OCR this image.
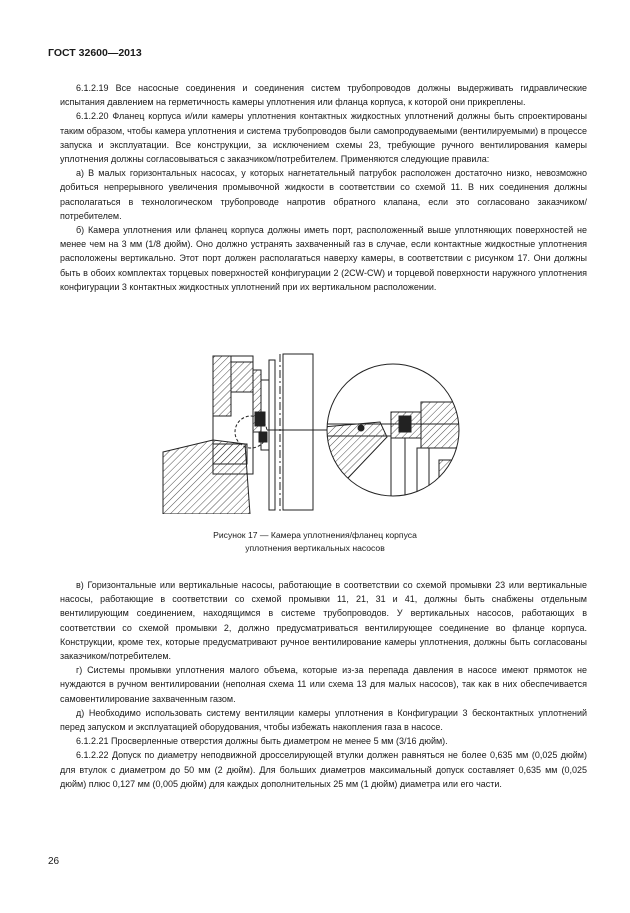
ГОСТ 32600—2013

6.1.2.19 Все насосные соединения и соединения систем трубопроводов должны выдерживать гидравлические испытания давлением на герметичность камеры уплотнения или фланца корпуса, к которой они прикреплены.

6.1.2.20 Фланец корпуса и/или камеры уплотнения контактных жидкостных уплотнений должны быть спроектированы таким образом, чтобы камера уплотнения и система трубопроводов были самопродуваемыми (вентилируемыми) в процессе запуска и эксплуатации. Все конструкции, за исключением схемы 23, требующие ручного вентилирования камеры уплотнения должны согласовываться с заказчиком/потребителем. Применяются следующие правила:

а) В малых горизонтальных насосах, у которых нагнетательный патрубок расположен достаточно низко, невозможно добиться непрерывного увеличения промывочной жидкости в соответствии со схемой 11. В них соединения должны располагаться в технологическом трубопроводе напротив обратного клапана, если это согласовано заказчиком/потребителем.

б) Камера уплотнения или фланец корпуса должны иметь порт, расположенный выше уплотняющих поверхностей не менее чем на 3 мм (1/8 дюйм). Оно должно устранять захваченный газ в случае, если контактные жидкостные уплотнения расположены вертикально. Этот порт должен располагаться наверху камеры, в соответствии с рисунком 17. Они должны быть в обоих комплектах торцевых поверхностей конфигурации 2 (2CW-CW) и торцевой поверхности наружного уплотнения конфигурации 3 контактных жидкостных уплотнений при их вертикальном расположении.

Рисунок 17 — Камера уплотнения/фланец корпуса
уплотнения вертикальных насосов

в) Горизонтальные или вертикальные насосы, работающие в соответствии со схемой промывки 23 или вертикальные насосы, работающие в соответствии со схемой промывки 11, 21, 31 и 41, должны быть снабжены отдельным вентилирующим соединением, находящимся в системе трубопроводов. У вертикальных насосов, работающих в соответствии со схемой промывки 2, должно предусматриваться вентилирующее соединение во фланце корпуса. Конструкции, кроме тех, которые предусматривают ручное вентилирование камеры уплотнения, должны быть согласованы заказчиком/потребителем.

г) Системы промывки уплотнения малого объема, которые из-за перепада давления в насосе имеют прямоток не нуждаются в ручном вентилировании (неполная схема 11 или схема 13 для малых насосов), так как в них обеспечивается самовентилирование захваченным газом.

д) Необходимо использовать систему вентиляции камеры уплотнения в Конфигурации 3 бесконтактных уплотнений перед запуском и эксплуатацией оборудования, чтобы избежать накопления газа в насосе.

6.1.2.21 Просверленные отверстия должны быть диаметром не менее 5 мм (3/16 дюйм).

6.1.2.22 Допуск по диаметру неподвижной дросселирующей втулки должен равняться не более 0,635 мм (0,025 дюйм) для втулок с диаметром до 50 мм (2 дюйм). Для больших диаметров максимальный допуск составляет 0,635 мм (0,025 дюйм) плюс 0,127 мм (0,005 дюйм) для каждых дополнительных 25 мм (1 дюйм) диаметра или его части.

26
